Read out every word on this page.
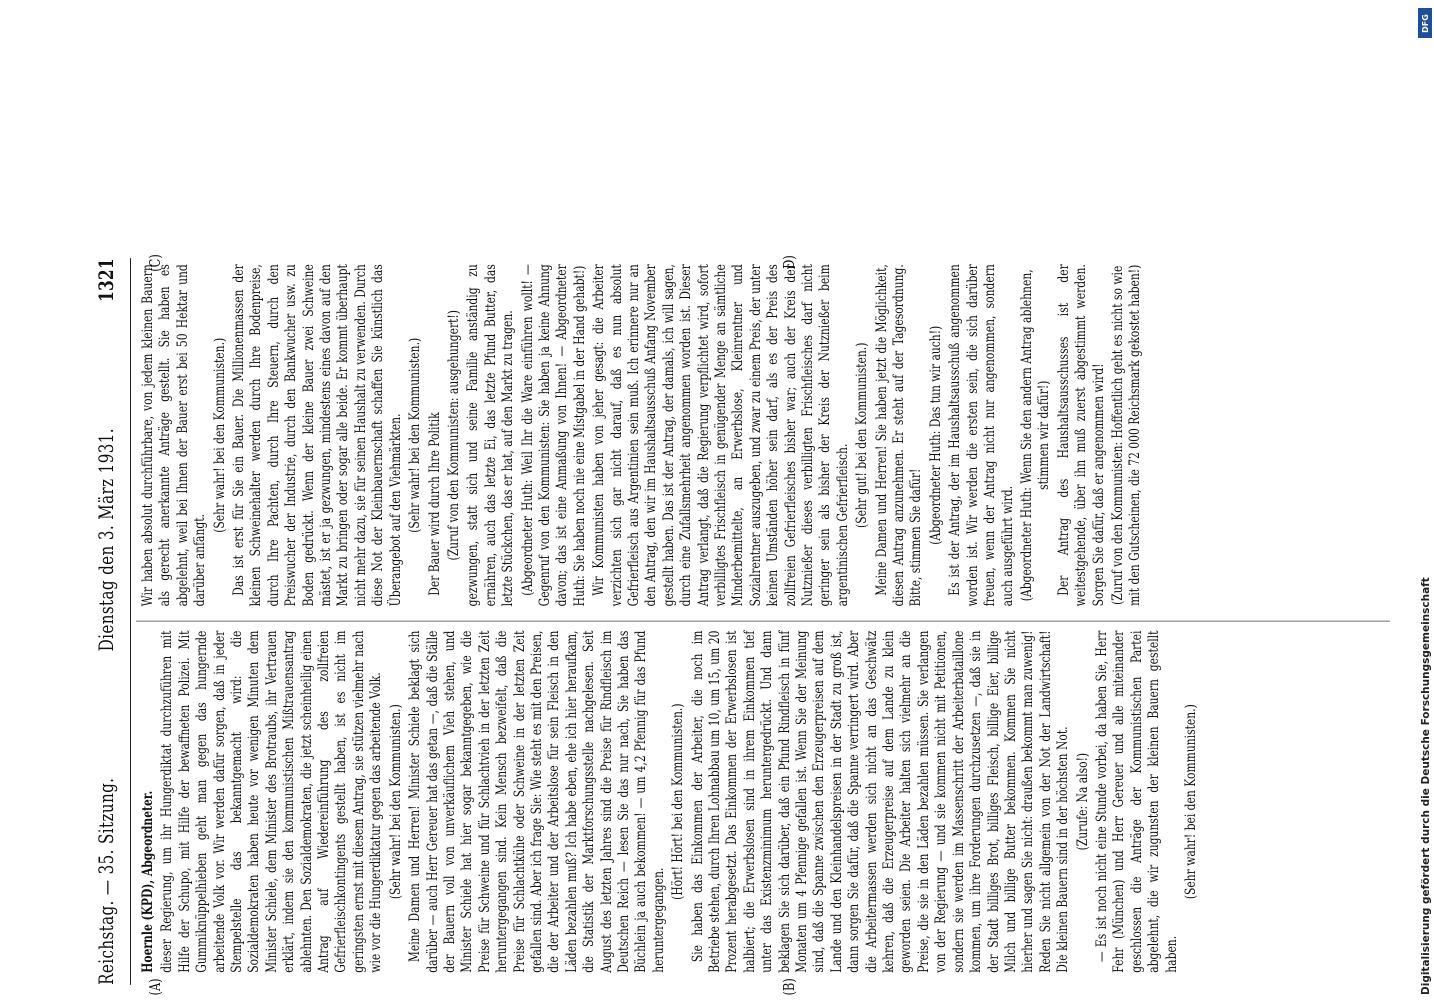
Reichstag. — 35. Sitzung.
Dienstag den 3. März 1931.
1321
(A)	(B)
(C)	D)

Hoernle (KPD), Abgeordneter. dieser Regierung, um ihr Hungerdiktat durchzuführen mit Hilfe der Schupo, mit Hilfe der bewaffneten Polizei. Mit Gummiknüppelhieben geht man gegen das hungernde arbeitende Volk vor. Wir werden dafür sorgen, daß in jeder Stempelstelle das bekanntgemacht wird: die Sozialdemokraten haben heute vor wenigen Minuten dem Minister Schiele, dem Minister des Brotraubs, ihr Vertrauen erklärt, indem sie den kommunistischen Mißtrauensantrag ablehnten. Den Sozialdemokraten, die jetzt scheinheilig einen Antrag auf Wiedereinführung des zollfreien Gefrierfleischkontingents gestellt haben, ist es nicht im geringsten ernst mit diesem Antrag, sie stützen vielmehr nach wie vor die Hungerdiktatur gegen das arbeitende Volk. (Sehr wahr! bei den Kommunisten.) Meine Damen und Herren! Minister Schiele beklagt sich darüber — auch Herr Gereuer hat das getan —, daß die Ställe der Bauern voll von unverkäuflichem Vieh stehen, und Minister Schiele hat hier sogar bekanntgegeben, wie die Preise für Schweine und für Schlachtvieh in der letzten Zeit heruntergegangen sind. Kein Mensch bezweifelt, daß die Preise für Schlachtkühe oder Schweine in der letzten Zeit gefallen sind. Aber ich frage Sie: Wie steht es mit den Preisen, die der Arbeiter und der Arbeitslose für sein Fleisch in den Läden bezahlen muß? Ich habe eben, ehe ich hier heraufkam, die Statistik der Marktforschungsstelle nachgelesen. Seit August des letzten Jahres sind die Preise für Rindfleisch im Deutschen Reich — lesen Sie das nur nach, Sie haben das Büchlein ja auch bekommen! — um 4,2 Pfennig für das Pfund heruntergegangen.

(Hört! Hört! bei den Kommunisten.) Sie haben das Einkommen der Arbeiter, die noch im Betriebe stehen, durch Ihren Lohnabbau um 10, um 15, um 20 Prozent herabgesetzt. Das Einkommen der Erwerbslosen ist halbiert; die Erwerbslosen sind in ihrem Einkommen tief unter das Existenzminimum heruntergedrückt. Und dann beklagen Sie sich darüber, daß ein Pfund Rindfleisch in fünf Monaten um 4 Pfennige gefallen ist. Wenn Sie der Meinung sind, daß die Spanne zwischen den Erzeugerpreisen auf dem Lande und den Kleinhandelspreisen in der Stadt zu groß ist, dann sorgen Sie dafür, daß die Spanne verringert wird. Aber die Arbeitermassen werden sich nicht an das Geschwätz kehren, daß die Erzeugerpreise auf dem Lande zu klein geworden seien. Die Arbeiter halten sich vielmehr an die Preise, die sie in den Läden bezahlen müssen. Sie verlangen von der Regierung — und sie kommen nicht mit Petitionen, sondern sie werden im Massenschritt der Arbeiterbataillone kommen, um ihre Forderungen durchzusetzen —, daß sie in der Stadt billiges Brot, billiges Fleisch, billige Eier, billige Milch und billige Butter bekommen. Kommen Sie nicht hierher und sagen Sie nicht: draußen bekommt man zuwenig! Reden Sie nicht allgemein von der Not der Landwirtschaft! Die kleinen Bauern sind in der höchsten Not. (Zurufe: Na also!) — Es ist noch nicht eine Stunde vorbei, da haben Sie, Herr Fehr (München) und Herr Gereuer und alle miteinander geschlossen die Anträge der Kommunistischen Partei abgelehnt, die wir zugunsten der kleinen Bauern gestellt haben.

(Sehr wahr! bei den Kommunisten.)

Wir haben absolut durchführbare, von jedem kleinen Bauern als gerecht anerkannte Anträge gestellt. Sie haben es abgelehnt, weil bei Ihnen der Bauer erst bei 50 Hektar und darüber anfängt.

(Sehr wahr! bei den Kommunisten.) Das ist erst für Sie ein Bauer. Die Millionenmassen der kleinen Schweinehalter werden durch Ihre Bodenpreise, durch Ihre Pachten, durch Ihre Steuern, durch den Preiswucher der Industrie, durch den Bankwucher usw. zu Boden gedrückt. Wenn der kleine Bauer zwei Schweine mästet, ist er ja gezwungen, mindestens eines davon auf den Markt zu bringen oder sogar alle beide. Er kommt überhaupt nicht mehr dazu, sie für seinen Haushalt zu verwenden. Durch diese Not der Kleinbauernschaft schaffen Sie künstlich das Überangebot auf den Viehmärkten. (Sehr wahr! bei den Kommunisten.) Der Bauer wird durch Ihre Politik (Zuruf von den Kommunisten: ausgehungert!) gezwungen, statt sich und seine Familie anständig zu ernähren, auch das letzte Ei, das letzte Pfund Butter, das letzte Stückchen, das er hat, auf den Markt zu tragen. (Abgeordneter Huth: Weil Ihr die Ware einführen wollt! — Gegenruf von den Kommunisten: Sie haben ja keine Ahnung davon; das ist eine Anmaßung von Ihnen! — Abgeordneter Huth: Sie haben noch nie eine Mistgabel in der Hand gehabt!) Wir Kommunisten haben von jeher gesagt: die Arbeiter verzichten sich gar nicht darauf, daß es nun absolut Gefrierfleisch aus Argentinien sein muß. Ich erinnere nur an den Antrag, den wir im Haushaltsausschuß Anfang November gestellt haben. Das ist der Antrag, der damals, ich will sagen, durch eine Zufallsmehrheit angenommen worden ist. Dieser Antrag verlangt, daß die Regierung verpflichtet wird, sofort verbilligtes Frischfleisch in genügender Menge an sämtliche Minderbemittelte, an Erwerbslose, Kleinrentner und Sozialrentner auszugeben, und zwar zu einem Preis, der unter keinen Umständen höher sein darf, als es der Preis des zollfreien Gefrierfleisches bisher war; auch der Kreis der Nutznießer dieses verbilligten Frischfleisches darf nicht geringer sein als bisher der Kreis der Nutznießer beim argentinischen Gefrierfleisch. (Sehr gut! bei den Kommunisten.) Meine Damen und Herren! Sie haben jetzt die Möglichkeit, diesen Antrag anzunehmen. Er steht auf der Tagesordnung. Bitte, stimmen Sie dafür! (Abgeordneter Huth: Das tun wir auch!) Es ist der Antrag, der im Haushaltsausschuß angenommen worden ist. Wir werden die ersten sein, die sich darüber freuen, wenn der Antrag nicht nur angenommen, sondern auch ausgeführt wird. (Abgeordneter Huth: Wenn Sie den andern Antrag ablehnen, stimmen wir dafür!) Der Antrag des Haushaltsausschusses ist der weitestgehende, über ihn muß zuerst abgestimmt werden. Sorgen Sie dafür, daß er angenommen wird! (Zuruf von den Kommunisten: Hoffentlich geht es nicht so wie mit den Gutscheinen, die 72 000 Reichsmark gekostet haben!)

Digitalisierung gefördert durch die Deutsche Forschungsgemeinschaft
DFG
